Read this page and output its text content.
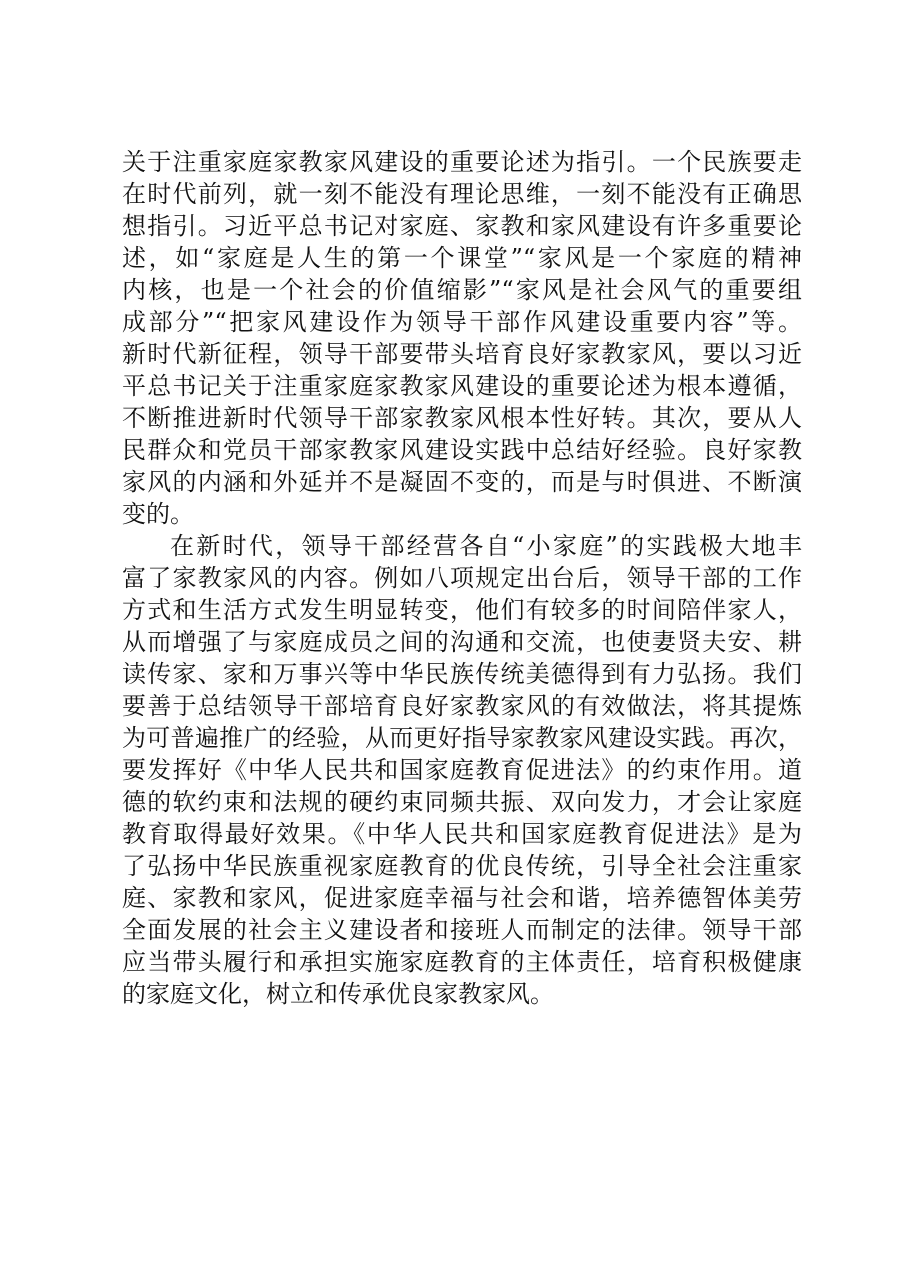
关于注重家庭家教家风建设的重要论述为指引。一个民族要走
在时代前列，就一刻不能没有理论思维，一刻不能没有正确思
想指引。习近平总书记对家庭、家教和家风建设有许多重要论
述，如“家庭是人生的第一个课堂”“家风是一个家庭的精神
内核，也是一个社会的价值缩影”“家风是社会风气的重要组
成部分”“把家风建设作为领导干部作风建设重要内容”等。
新时代新征程，领导干部要带头培育良好家教家风，要以习近
平总书记关于注重家庭家教家风建设的重要论述为根本遵循，
不断推进新时代领导干部家教家风根本性好转。其次，要从人
民群众和党员干部家教家风建设实践中总结好经验。良好家教
家风的内涵和外延并不是凝固不变的，而是与时俱进、不断演
变的。
在新时代，领导干部经营各自“小家庭”的实践极大地丰
富了家教家风的内容。例如八项规定出台后，领导干部的工作
方式和生活方式发生明显转变，他们有较多的时间陪伴家人，
从而增强了与家庭成员之间的沟通和交流，也使妻贤夫安、耕
读传家、家和万事兴等中华民族传统美德得到有力弘扬。我们
要善于总结领导干部培育良好家教家风的有效做法，将其提炼
为可普遍推广的经验，从而更好指导家教家风建设实践。再次，
要发挥好《中华人民共和国家庭教育促进法》的约束作用。道
德的软约束和法规的硬约束同频共振、双向发力，才会让家庭
教育取得最好效果。《中华人民共和国家庭教育促进法》是为
了弘扬中华民族重视家庭教育的优良传统，引导全社会注重家
庭、家教和家风，促进家庭幸福与社会和谐，培养德智体美劳
全面发展的社会主义建设者和接班人而制定的法律。领导干部
应当带头履行和承担实施家庭教育的主体责任，培育积极健康
的家庭文化，树立和传承优良家教家风。
